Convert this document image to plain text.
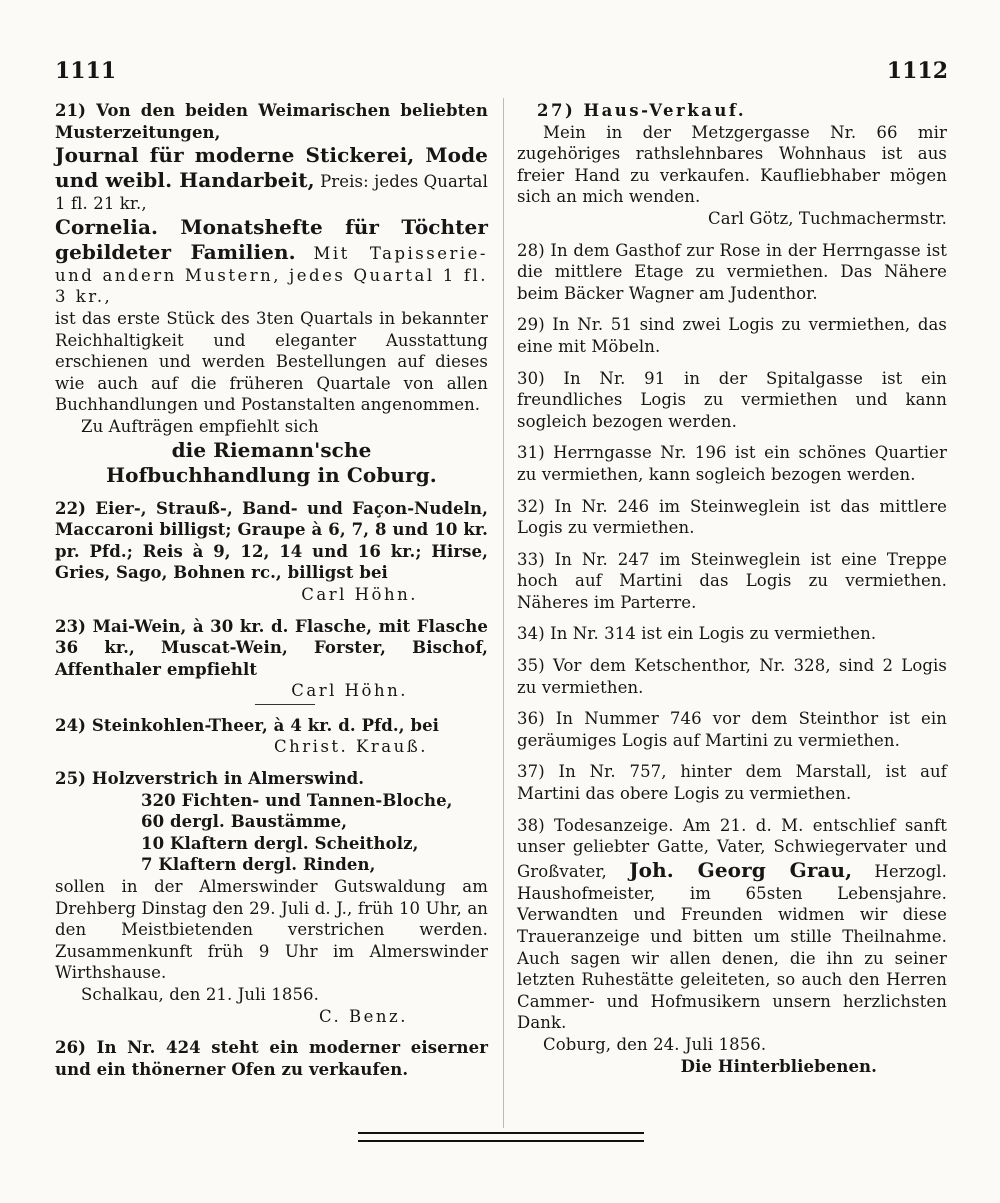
1111	1112

21) Von den beiden Weimarischen beliebten Musterzeitungen,

Journal für moderne Stickerei, Mode und weibl. Handarbeit, Preis: jedes Quartal 1 fl. 21 kr.,

Cornelia. Monatshefte für Töchter gebildeter Familien. Mit Tapisserie- und andern Mustern, jedes Quartal 1 fl. 3 kr.,

ist das erste Stück des 3ten Quartals in bekannter Reichhaltigkeit und eleganter Ausstattung erschienen und werden Bestellungen auf dieses wie auch auf die früheren Quartale von allen Buchhandlungen und Postanstalten angenommen.

Zu Aufträgen empfiehlt sich

die Riemann'sche

Hofbuchhandlung in Coburg.

22) Eier-, Strauß-, Band- und Façon-Nudeln, Maccaroni billigst; Graupe à 6, 7, 8 und 10 kr. pr. Pfd.; Reis à 9, 12, 14 und 16 kr.; Hirse, Gries, Sago, Bohnen rc., billigst bei

Carl Höhn.

23) Mai-Wein, à 30 kr. d. Flasche, mit Flasche 36 kr., Muscat-Wein, Forster, Bischof, Affenthaler empfiehlt

Carl Höhn.

24) Steinkohlen-Theer, à 4 kr. d. Pfd., bei

Christ. Krauß.

25) Holzverstrich in Almerswind.

320 Fichten- und Tannen-Bloche,

60 dergl. Baustämme,

10 Klaftern dergl. Scheitholz,

7 Klaftern dergl. Rinden,

sollen in der Almerswinder Gutswaldung am Drehberg Dinstag den 29. Juli d. J., früh 10 Uhr, an den Meistbietenden verstrichen werden. Zusammenkunft früh 9 Uhr im Almerswinder Wirthshause.

Schalkau, den 21. Juli 1856.

C. Benz.

26) In Nr. 424 steht ein moderner eiserner und ein thönerner Ofen zu verkaufen.

27) Haus-Verkauf.

Mein in der Metzgergasse Nr. 66 mir zugehöriges rathslehnbares Wohnhaus ist aus freier Hand zu verkaufen. Kaufliebhaber mögen sich an mich wenden.

Carl Götz, Tuchmachermstr.

28) In dem Gasthof zur Rose in der Herrngasse ist die mittlere Etage zu vermiethen. Das Nähere beim Bäcker Wagner am Judenthor.

29) In Nr. 51 sind zwei Logis zu vermiethen, das eine mit Möbeln.

30) In Nr. 91 in der Spitalgasse ist ein freundliches Logis zu vermiethen und kann sogleich bezogen werden.

31) Herrngasse Nr. 196 ist ein schönes Quartier zu vermiethen, kann sogleich bezogen werden.

32) In Nr. 246 im Steinweglein ist das mittlere Logis zu vermiethen.

33) In Nr. 247 im Steinweglein ist eine Treppe hoch auf Martini das Logis zu vermiethen. Näheres im Parterre.

34) In Nr. 314 ist ein Logis zu vermiethen.

35) Vor dem Ketschenthor, Nr. 328, sind 2 Logis zu vermiethen.

36) In Nummer 746 vor dem Steinthor ist ein geräumiges Logis auf Martini zu vermiethen.

37) In Nr. 757, hinter dem Marstall, ist auf Martini das obere Logis zu vermiethen.

38) Todesanzeige. Am 21. d. M. entschlief sanft unser geliebter Gatte, Vater, Schwiegervater und Großvater, Joh. Georg Grau, Herzogl. Haushofmeister, im 65sten Lebensjahre. Verwandten und Freunden widmen wir diese Traueranzeige und bitten um stille Theilnahme. Auch sagen wir allen denen, die ihn zu seiner letzten Ruhestätte geleiteten, so auch den Herren Cammer- und Hofmusikern unsern herzlichsten Dank.

Coburg, den 24. Juli 1856.

Die Hinterbliebenen.
